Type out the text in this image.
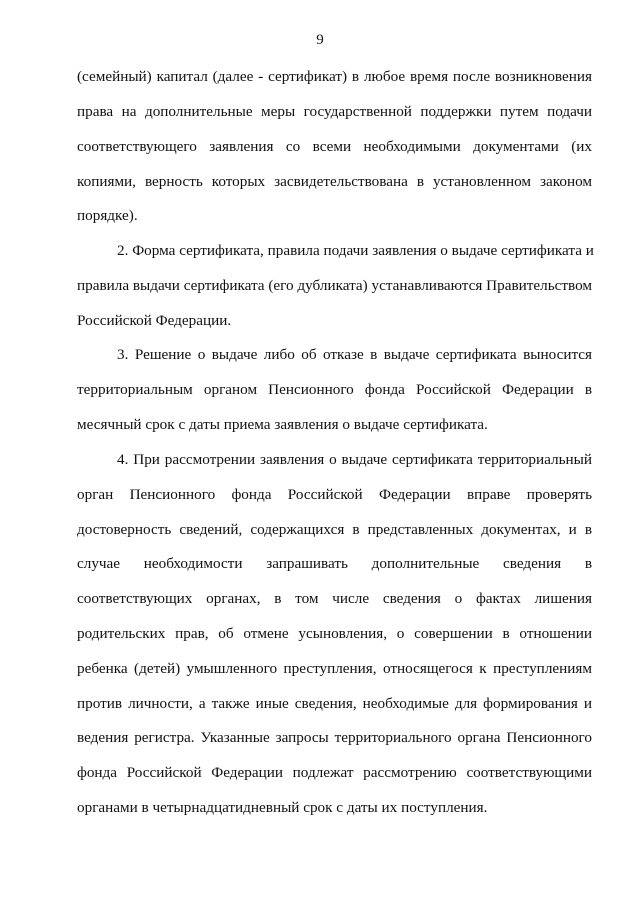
9
(семейный) капитал (далее - сертификат) в любое время после возникновения
права на дополнительные меры государственной поддержки путем подачи
соответствующего заявления со всеми необходимыми документами (их
копиями, верность которых засвидетельствована в установленном законом
порядке).
2. Форма сертификата, правила подачи заявления о выдаче сертификата и
правила выдачи сертификата (его дубликата) устанавливаются Правительством
Российской Федерации.
3. Решение о выдаче либо об отказе в выдаче сертификата выносится
территориальным органом Пенсионного фонда Российской Федерации в
месячный срок с даты приема заявления о выдаче сертификата.
4. При рассмотрении заявления о выдаче сертификата территориальный
орган Пенсионного фонда Российской Федерации вправе проверять
достоверность сведений, содержащихся в представленных документах, и в
случае необходимости запрашивать дополнительные сведения в
соответствующих органах, в том числе сведения о фактах лишения
родительских прав, об отмене усыновления, о совершении в отношении
ребенка (детей) умышленного преступления, относящегося к преступлениям
против личности, а также иные сведения, необходимые для формирования и
ведения регистра. Указанные запросы территориального органа Пенсионного
фонда Российской Федерации подлежат рассмотрению соответствующими
органами в четырнадцатидневный срок с даты их поступления.
